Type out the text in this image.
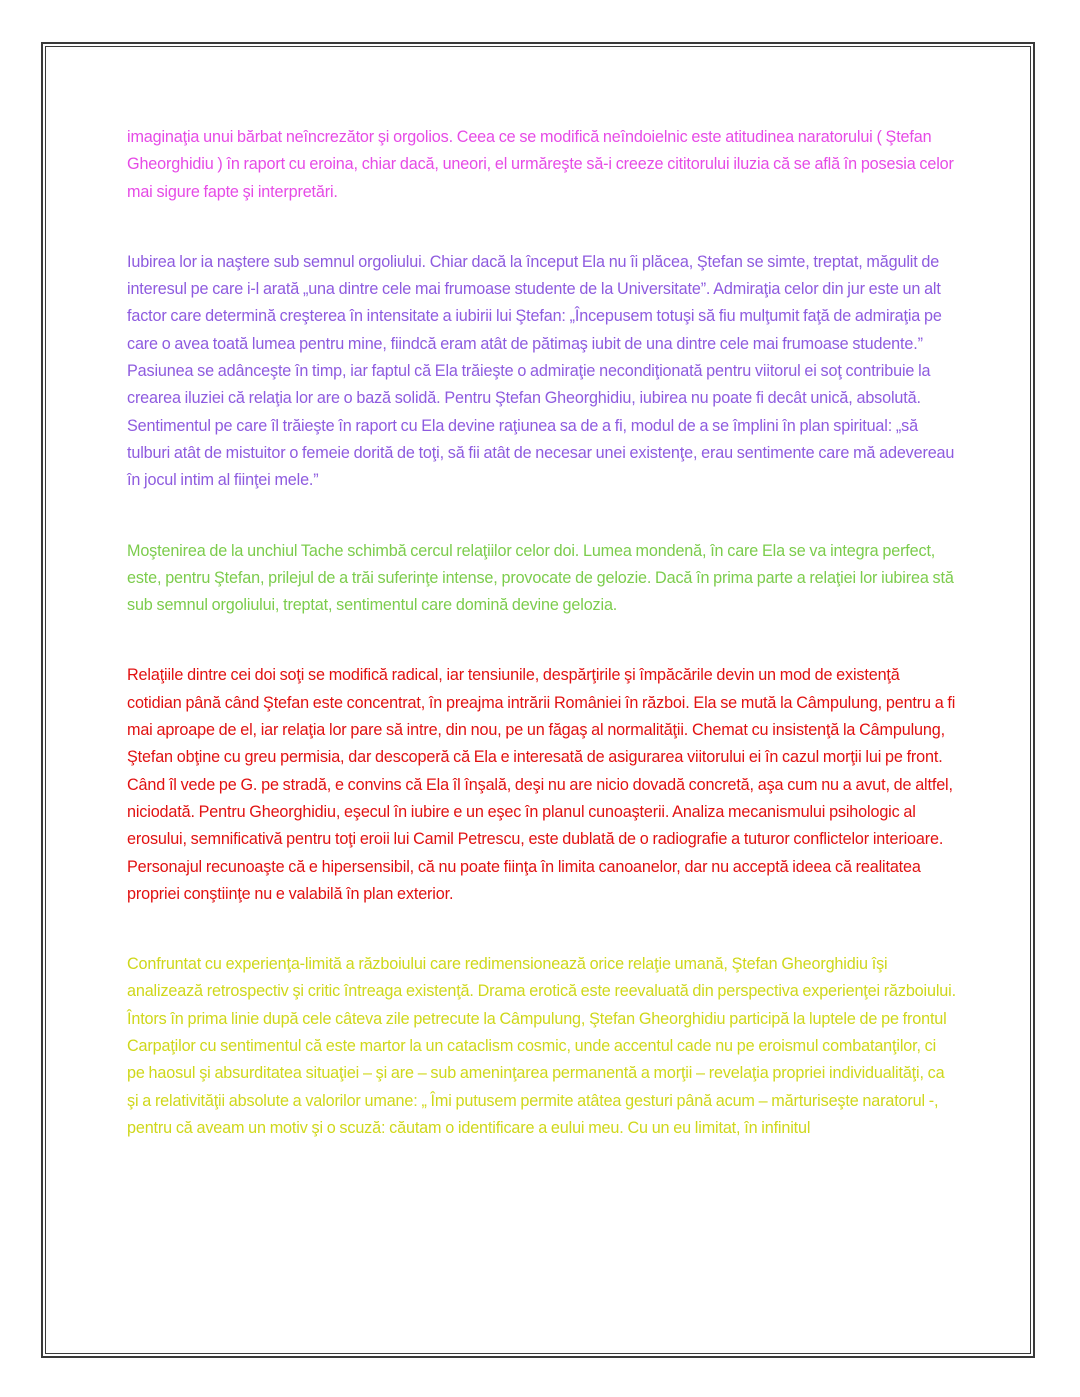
imaginaţia unui bărbat neîncrezător şi orgolios. Ceea ce se modifică neîndoielnic este atitudinea naratorului ( Ştefan Gheorghidiu ) în raport cu eroina, chiar dacă, uneori, el urmăreşte să-i creeze cititorului iluzia că se află în posesia celor mai sigure fapte şi interpretări.

Iubirea lor ia naştere sub semnul orgoliului. Chiar dacă la început Ela nu îi plăcea, Ştefan se simte, treptat, măgulit de interesul pe care i-l arată „una dintre cele mai frumoase studente de la Universitate”. Admiraţia celor din jur este un alt factor care determină creşterea în intensitate a iubirii lui Ştefan: „Începusem totuşi să fiu mulţumit faţă de admiraţia pe care o avea toată lumea pentru mine, fiindcă eram atât de pătimaş iubit de una dintre cele mai frumoase studente.” Pasiunea se adânceşte în timp, iar faptul că Ela trăieşte o admiraţie necondiţionată pentru viitorul ei soţ contribuie la crearea iluziei că relaţia lor are o bază solidă. Pentru Ştefan Gheorghidiu, iubirea nu poate fi decât unică, absolută. Sentimentul pe care îl trăieşte în raport cu Ela devine raţiunea sa de a fi, modul de a se împlini în plan spiritual: „să tulburi atât de mistuitor o femeie dorită de toţi, să fii atât de necesar unei existenţe, erau sentimente care mă adevereau în jocul intim al fiinţei mele.”

Moştenirea de la unchiul Tache schimbă cercul relaţiilor celor doi. Lumea mondenă, în care Ela se va integra perfect, este, pentru Ştefan, prilejul de a trăi suferinţe intense, provocate de gelozie. Dacă în prima parte a relaţiei lor iubirea stă sub semnul orgoliului, treptat, sentimentul care domină devine gelozia.

Relaţiile dintre cei doi soţi se modifică radical, iar tensiunile, despărţirile şi împăcările devin un mod de existenţă cotidian până când Ştefan este concentrat, în preajma intrării României în război. Ela se mută la Câmpulung, pentru a fi mai aproape de el, iar relaţia lor pare să intre, din nou, pe un făgaş al normalităţii. Chemat cu insistenţă la Câmpulung, Ştefan obţine cu greu permisia, dar descoperă că Ela e interesată de asigurarea viitorului ei în cazul morţii lui pe front. Când îl vede pe G. pe stradă, e convins că Ela îl înşală, deşi nu are nicio dovadă concretă, aşa cum nu a avut, de altfel, niciodată. Pentru Gheorghidiu, eşecul în iubire e un eşec în planul cunoaşterii. Analiza mecanismului psihologic al erosului, semnificativă pentru toţi eroii lui Camil Petrescu, este dublată de o radiografie a tuturor conflictelor interioare. Personajul recunoaşte că e hipersensibil, că nu poate fiinţa în limita canoanelor, dar nu acceptă ideea că realitatea propriei conştiinţe nu e valabilă în plan exterior.

Confruntat cu experienţa-limită a războiului care redimensionează orice relaţie umană, Ştefan Gheorghidiu îşi analizează retrospectiv şi critic întreaga existenţă. Drama erotică este reevaluată din perspectiva experienţei războiului. Întors în prima linie după cele câteva zile petrecute la Câmpulung, Ştefan Gheorghidiu participă la luptele de pe frontul Carpaţilor cu sentimentul că este martor la un cataclism cosmic, unde accentul cade nu pe eroismul combatanţilor, ci pe haosul şi absurditatea situaţiei – şi are – sub ameninţarea permanentă a morţii – revelaţia propriei individualităţi, ca şi a relativităţii absolute a valorilor umane: „ Îmi putusem permite atâtea gesturi până acum – mărturiseşte naratorul -, pentru că aveam un motiv şi o scuză: căutam o identificare a eului meu. Cu un eu limitat, în infinitul
